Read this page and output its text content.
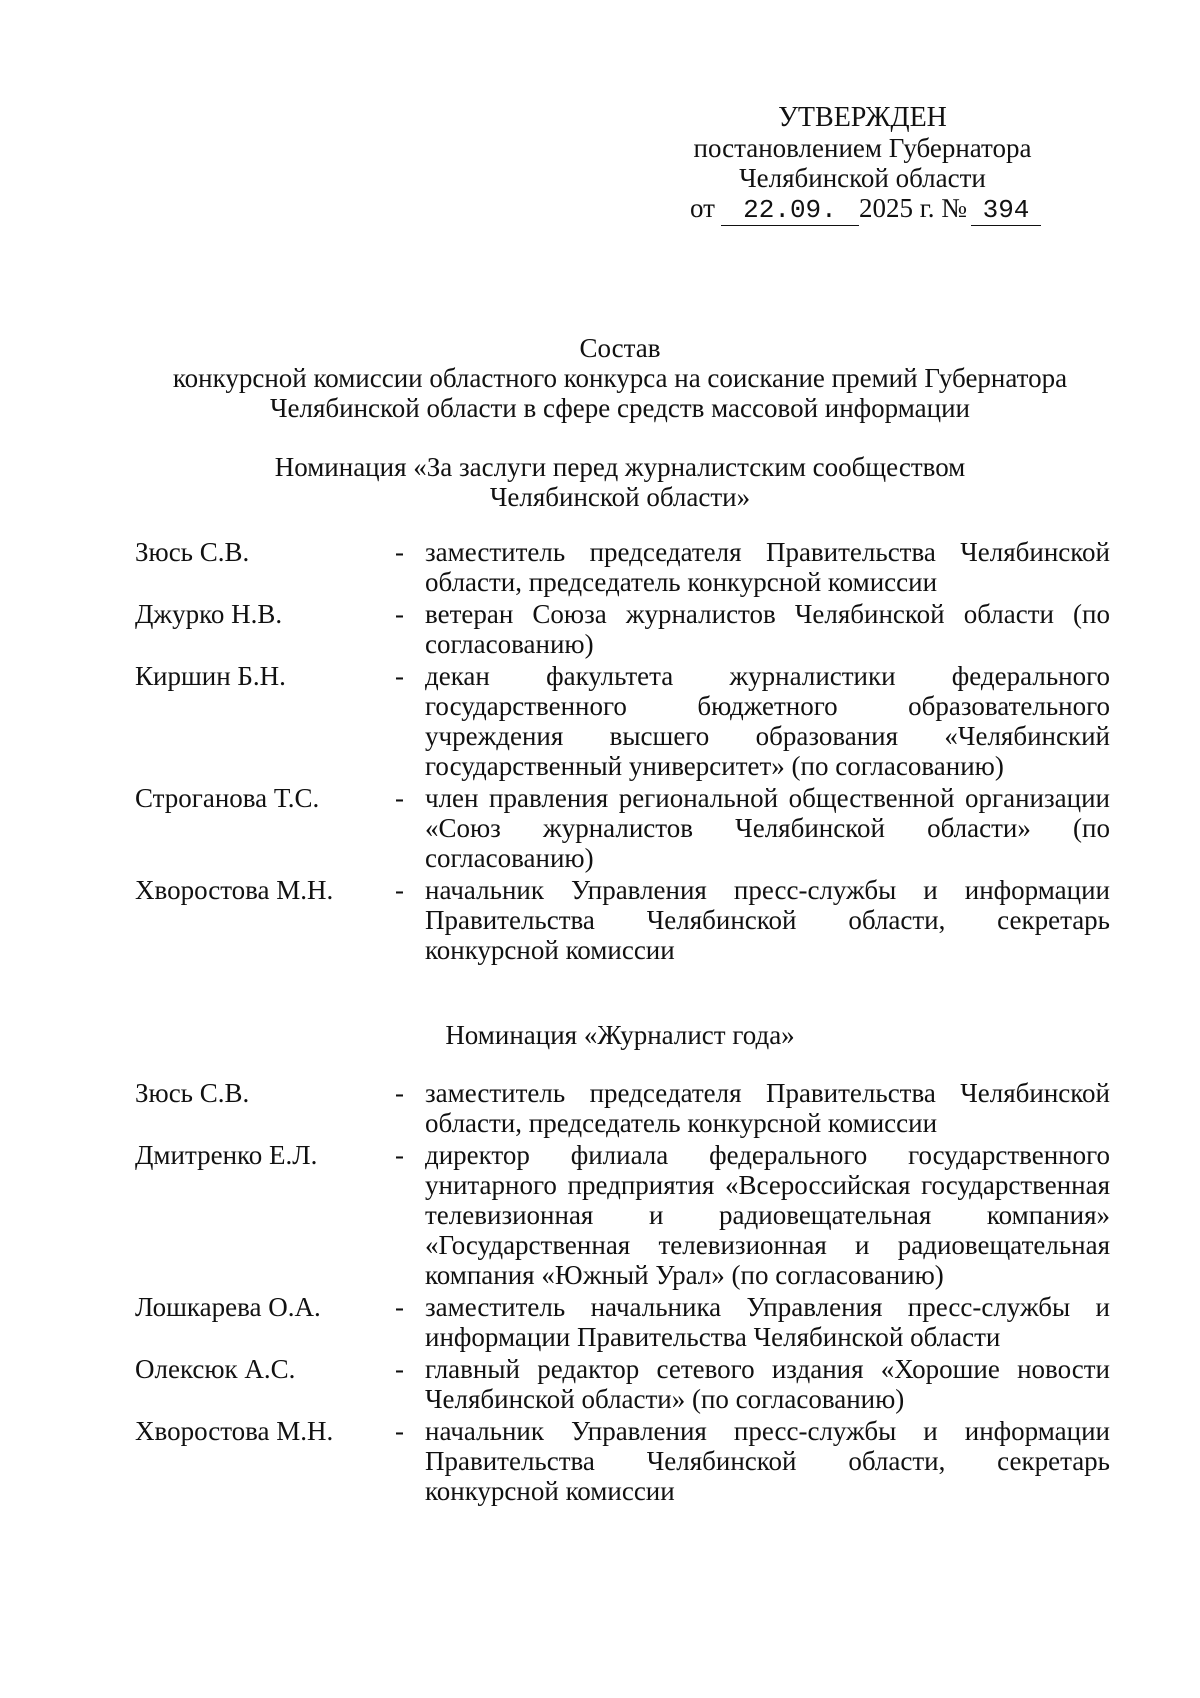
УТВЕРЖДЕН
постановлением Губернатора
Челябинской области
от 22.09. 2025 г. № 394
Состав
конкурсной комиссии областного конкурса на соискание премий Губернатора
Челябинской области в сфере средств массовой информации
Номинация «За заслуги перед журналистским сообществом
Челябинской области»
Зюсь С.В.	- заместитель председателя Правительства Челябинской области, председатель конкурсной комиссии
Джурко Н.В.	- ветеран Союза журналистов Челябинской области (по согласованию)
Киршин Б.Н.	- декан факультета журналистики федерального государственного бюджетного образовательного учреждения высшего образования «Челябинский государственный университет» (по согласованию)
Строганова Т.С.	- член правления региональной общественной организации «Союз журналистов Челябинской области» (по согласованию)
Хворостова М.Н. - начальник Управления пресс-службы и информации Правительства Челябинской области, секретарь конкурсной комиссии
Номинация «Журналист года»
Зюсь С.В.	- заместитель председателя Правительства Челябинской области, председатель конкурсной комиссии
Дмитренко Е.Л.	- директор филиала федерального государственного унитарного предприятия «Всероссийская государственная телевизионная и радиовещательная компания» «Государственная телевизионная и радиовещательная компания «Южный Урал» (по согласованию)
Лошкарева О.А.	- заместитель начальника Управления пресс-службы и информации Правительства Челябинской области
Олексюк А.С.	- главный редактор сетевого издания «Хорошие новости Челябинской области» (по согласованию)
Хворостова М.Н. - начальник Управления пресс-службы и информации Правительства Челябинской области, секретарь конкурсной комиссии
